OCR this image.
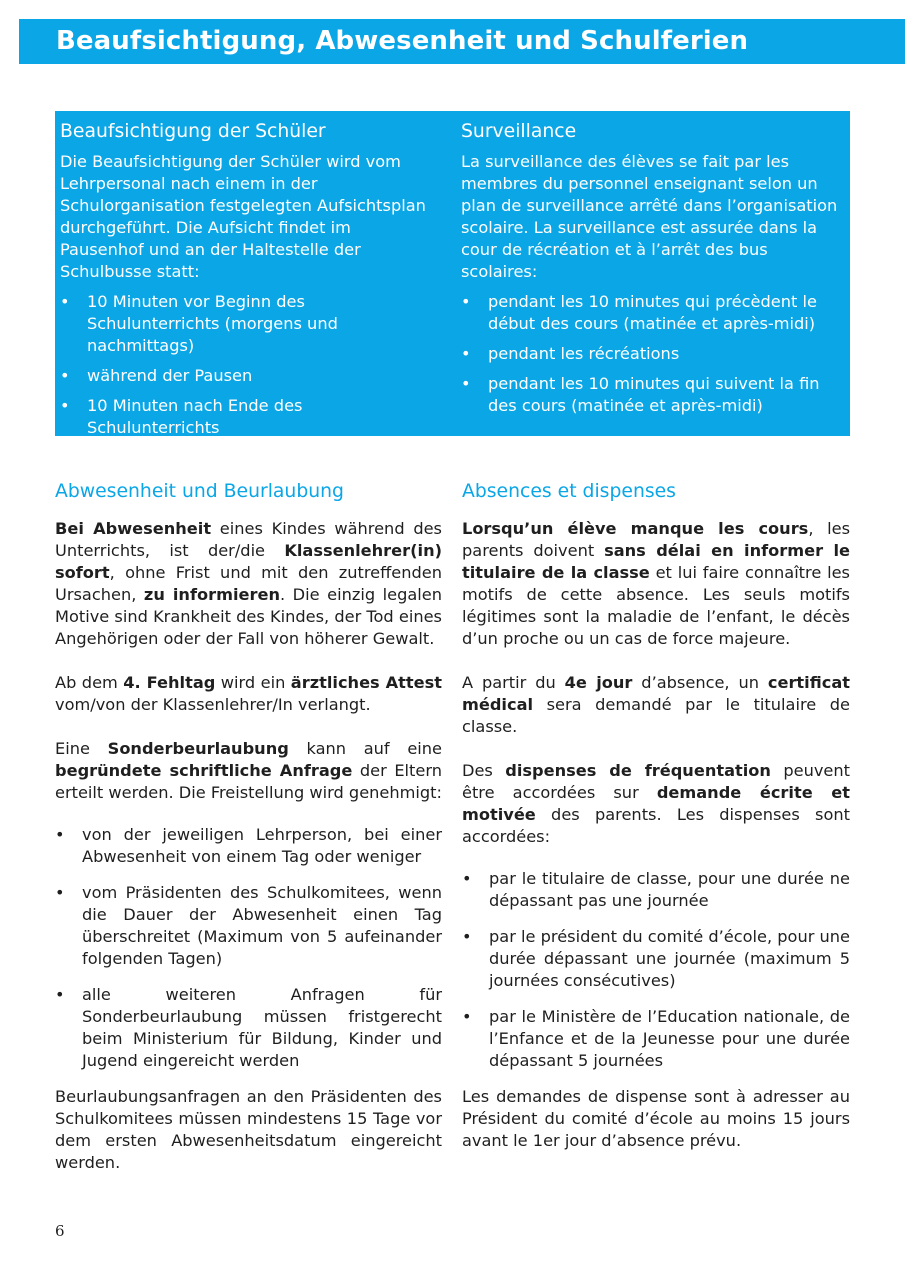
Beaufsichtigung, Abwesenheit und Schulferien
Beaufsichtigung der Schüler

Die Beaufsichtigung der Schüler wird vom Lehrpersonal nach einem in der Schulorganisation festgelegten Aufsichtsplan durchgeführt. Die Aufsicht findet im Pausenhof und an der Haltestelle der Schulbusse statt:

• 10 Minuten vor Beginn des Schulunterrichts (morgens und nachmittags)
• während der Pausen
• 10 Minuten nach Ende des Schulunterrichts
Surveillance

La surveillance des élèves se fait par les membres du personnel enseignant selon un plan de surveillance arrêté dans l’organisation scolaire. La surveillance est assurée dans la cour de récréation et à l’arrêt des bus scolaires:

• pendant les 10 minutes qui précèdent le début des cours (matinée et après-midi)
• pendant les récréations
• pendant les 10 minutes qui suivent la fin des cours (matinée et après-midi)
Abwesenheit und Beurlaubung

Bei Abwesenheit eines Kindes während des Unterrichts, ist der/die Klassenlehrer(in) sofort, ohne Frist und mit den zutreffenden Ursachen, zu informieren. Die einzig legalen Motive sind Krankheit des Kindes, der Tod eines Angehörigen oder der Fall von höherer Gewalt.

Ab dem 4. Fehltag wird ein ärztliches Attest vom/von der Klassenlehrer/In verlangt.

Eine Sonderbeurlaubung kann auf eine begründete schriftliche Anfrage der Eltern erteilt werden. Die Freistellung wird genehmigt:

• von der jeweiligen Lehrperson, bei einer Abwesenheit von einem Tag oder weniger
• vom Präsidenten des Schulkomitees, wenn die Dauer der Abwesenheit einen Tag überschreitet (Maximum von 5 aufeinander folgenden Tagen)
• alle weiteren Anfragen für Sonderbeurlaubung müssen fristgerecht beim Ministerium für Bildung, Kinder und Jugend eingereicht werden

Beurlaubungsanfragen an den Präsidenten des Schulkomitees müssen mindestens 15 Tage vor dem ersten Abwesenheitsdatum eingereicht werden.

Absences et dispenses

Lorsqu’un élève manque les cours, les parents doivent sans délai en informer le titulaire de la classe et lui faire connaître les motifs de cette absence. Les seuls motifs légitimes sont la maladie de l’enfant, le décès d’un proche ou un cas de force majeure.

A partir du 4e jour d’absence, un certificat médical sera demandé par le titulaire de classe.

Des dispenses de fréquentation peuvent être accordées sur demande écrite et motivée des parents. Les dispenses sont accordées:

• par le titulaire de classe, pour une durée ne dépassant pas une journée
• par le président du comité d’école, pour une durée dépassant une journée (maximum 5 journées consécutives)
• par le Ministère de l’Education nationale, de l’Enfance et de la Jeunesse pour une durée dépassant 5 journées

Les demandes de dispense sont à adresser au Président du comité d’école au moins 15 jours avant le 1er jour d’absence prévu.

6
